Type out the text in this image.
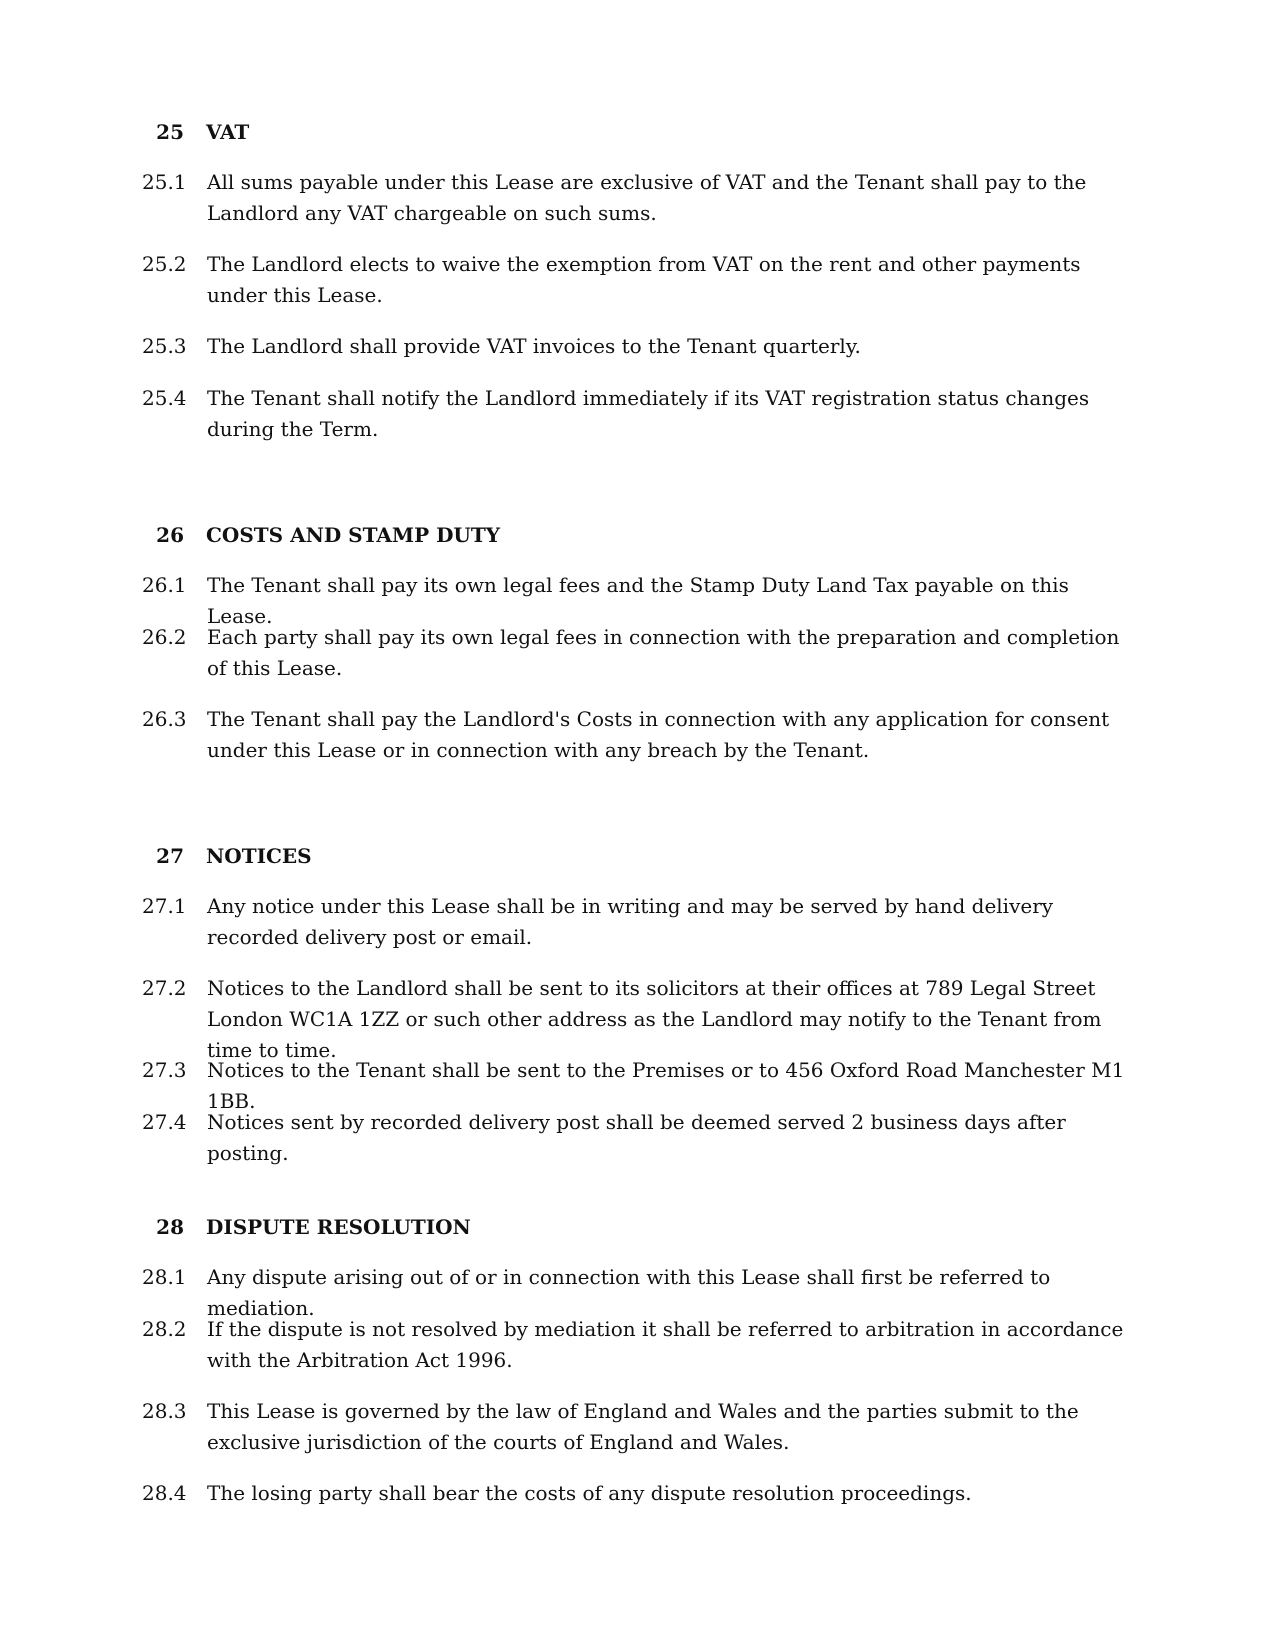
25 VAT
25.1 All sums payable under this Lease are exclusive of VAT and the Tenant shall pay to the Landlord any VAT chargeable on such sums.
25.2 The Landlord elects to waive the exemption from VAT on the rent and other payments under this Lease.
25.3 The Landlord shall provide VAT invoices to the Tenant quarterly.
25.4 The Tenant shall notify the Landlord immediately if its VAT registration status changes during the Term.
26 COSTS AND STAMP DUTY
26.1 The Tenant shall pay its own legal fees and the Stamp Duty Land Tax payable on this Lease.
26.2 Each party shall pay its own legal fees in connection with the preparation and completion of this Lease.
26.3 The Tenant shall pay the Landlord's Costs in connection with any application for consent under this Lease or in connection with any breach by the Tenant.
27 NOTICES
27.1 Any notice under this Lease shall be in writing and may be served by hand delivery recorded delivery post or email.
27.2 Notices to the Landlord shall be sent to its solicitors at their offices at 789 Legal Street London WC1A 1ZZ or such other address as the Landlord may notify to the Tenant from time to time.
27.3 Notices to the Tenant shall be sent to the Premises or to 456 Oxford Road Manchester M1 1BB.
27.4 Notices sent by recorded delivery post shall be deemed served 2 business days after posting.
28 DISPUTE RESOLUTION
28.1 Any dispute arising out of or in connection with this Lease shall first be referred to mediation.
28.2 If the dispute is not resolved by mediation it shall be referred to arbitration in accordance with the Arbitration Act 1996.
28.3 This Lease is governed by the law of England and Wales and the parties submit to the exclusive jurisdiction of the courts of England and Wales.
28.4 The losing party shall bear the costs of any dispute resolution proceedings.
